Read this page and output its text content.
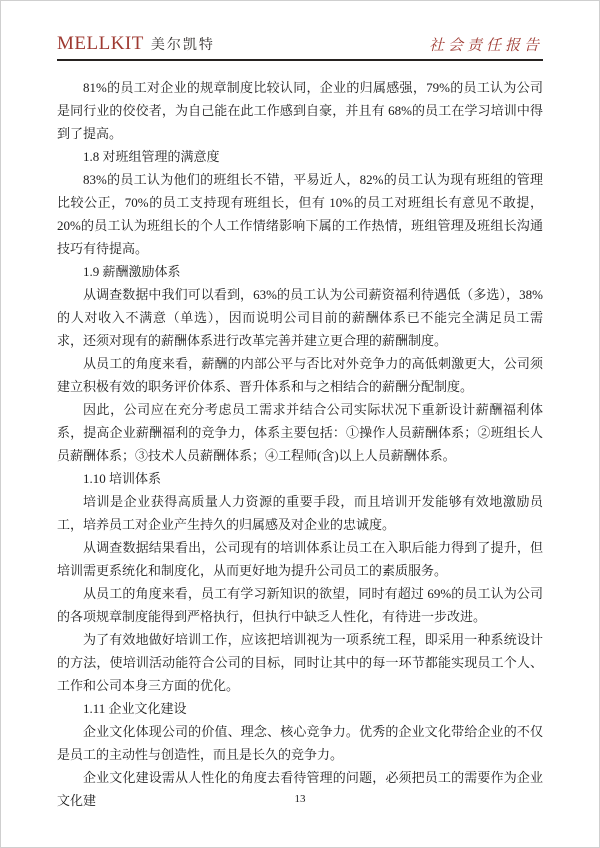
MELLKIT 美尔凯特	社会责任报告

81%的员工对企业的规章制度比较认同，企业的归属感强，79%的员工认为公司是同行业的佼佼者，为自己能在此工作感到自豪，并且有 68%的员工在学习培训中得到了提高。

1.8 对班组管理的满意度

83%的员工认为他们的班组长不错，平易近人，82%的员工认为现有班组的管理比较公正，70%的员工支持现有班组长，但有 10%的员工对班组长有意见不敢提，20%的员工认为班组长的个人工作情绪影响下属的工作热情，班组管理及班组长沟通技巧有待提高。

1.9 薪酬激励体系

从调查数据中我们可以看到，63%的员工认为公司薪资福利待遇低（多选），38%的人对收入不满意（单选），因而说明公司目前的薪酬体系已不能完全满足员工需求，还须对现有的薪酬体系进行改革完善并建立更合理的薪酬制度。

从员工的角度来看，薪酬的内部公平与否比对外竞争力的高低刺激更大，公司须建立积极有效的职务评价体系、晋升体系和与之相结合的薪酬分配制度。

因此，公司应在充分考虑员工需求并结合公司实际状况下重新设计薪酬福利体系，提高企业薪酬福利的竞争力，体系主要包括：①操作人员薪酬体系；②班组长人员薪酬体系；③技术人员薪酬体系；④工程师(含)以上人员薪酬体系。

1.10 培训体系

培训是企业获得高质量人力资源的重要手段，而且培训开发能够有效地激励员工，培养员工对企业产生持久的归属感及对企业的忠诚度。

从调查数据结果看出，公司现有的培训体系让员工在入职后能力得到了提升，但培训需更系统化和制度化，从而更好地为提升公司员工的素质服务。

从员工的角度来看，员工有学习新知识的欲望，同时有超过 69%的员工认为公司的各项规章制度能得到严格执行，但执行中缺乏人性化，有待进一步改进。

为了有效地做好培训工作，应该把培训视为一项系统工程，即采用一种系统设计的方法，使培训活动能符合公司的目标，同时让其中的每一环节都能实现员工个人、工作和公司本身三方面的优化。

1.11 企业文化建设

企业文化体现公司的价值、理念、核心竞争力。优秀的企业文化带给企业的不仅是员工的主动性与创造性，而且是长久的竞争力。

企业文化建设需从人性化的角度去看待管理的问题，必须把员工的需要作为企业文化建	13
